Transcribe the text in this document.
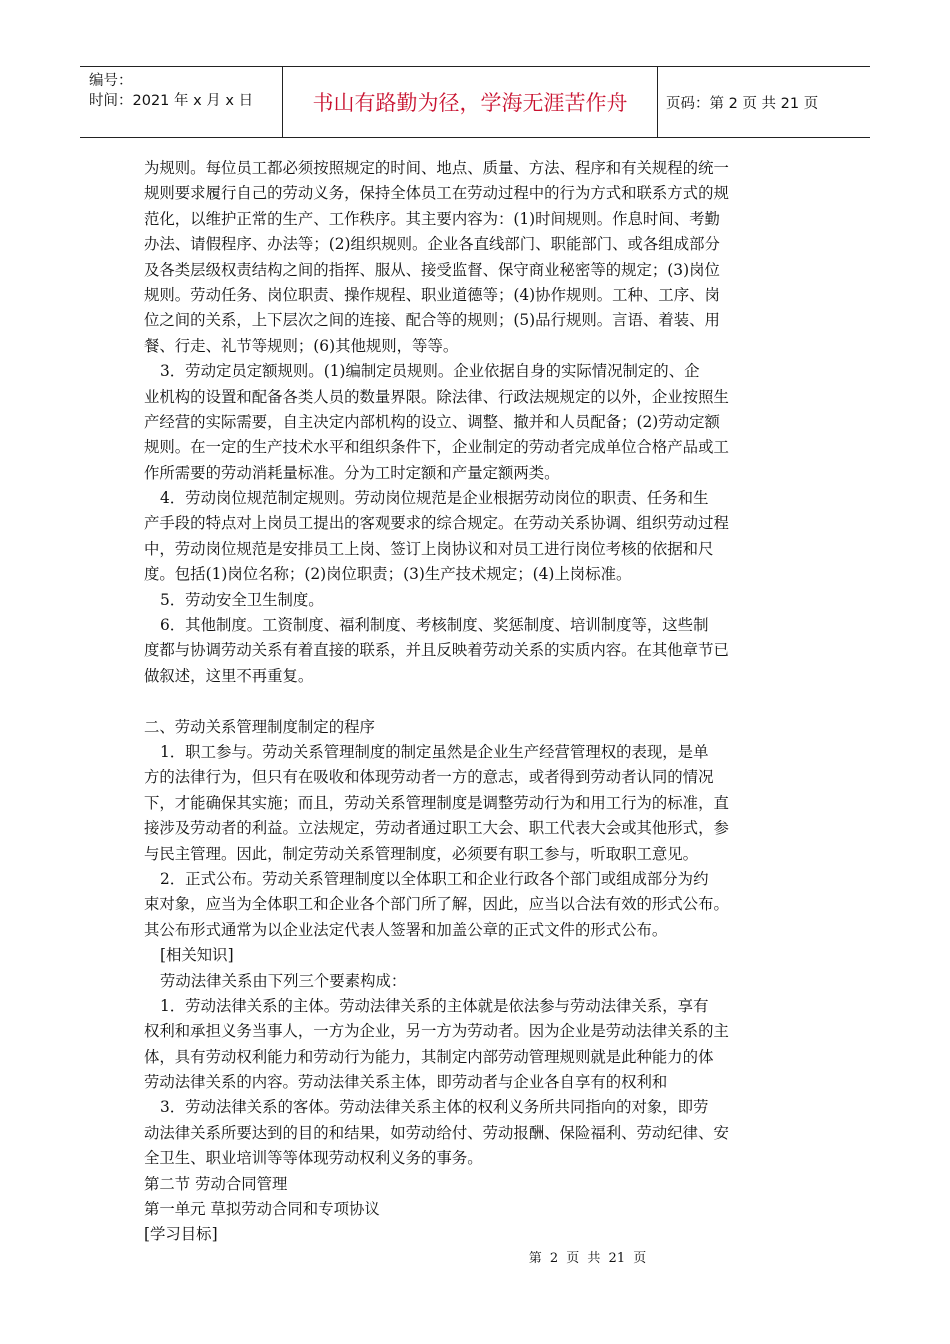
编号：
时间：2021 年 x 月 x 日	书山有路勤为径，学海无涯苦作舟	页码：第 2 页 共 21 页
为规则。每位员工都必须按照规定的时间、地点、质量、方法、程序和有关规程的统一
规则要求履行自己的劳动义务，保持全体员工在劳动过程中的行为方式和联系方式的规
范化，以维护正常的生产、工作秩序。其主要内容为：(1)时间规则。作息时间、考勤
办法、请假程序、办法等；(2)组织规则。企业各直线部门、职能部门、或各组成部分
及各类层级权责结构之间的指挥、服从、接受监督、保守商业秘密等的规定；(3)岗位
规则。劳动任务、岗位职责、操作规程、职业道德等；(4)协作规则。工种、工序、岗
位之间的关系，上下层次之间的连接、配合等的规则；(5)品行规则。言语、着装、用
餐、行走、礼节等规则；(6)其他规则，等等。
3．劳动定员定额规则。(1)编制定员规则。企业依据自身的实际情况制定的、企
业机构的设置和配备各类人员的数量界限。除法律、行政法规规定的以外，企业按照生
产经营的实际需要，自主决定内部机构的设立、调整、撤并和人员配备；(2)劳动定额
规则。在一定的生产技术水平和组织条件下，企业制定的劳动者完成单位合格产品或工
作所需要的劳动消耗量标准。分为工时定额和产量定额两类。
4．劳动岗位规范制定规则。劳动岗位规范是企业根据劳动岗位的职责、任务和生
产手段的特点对上岗员工提出的客观要求的综合规定。在劳动关系协调、组织劳动过程
中，劳动岗位规范是安排员工上岗、签订上岗协议和对员工进行岗位考核的依据和尺
度。包括(1)岗位名称；(2)岗位职责；(3)生产技术规定；(4)上岗标准。
5．劳动安全卫生制度。
6．其他制度。工资制度、福利制度、考核制度、奖惩制度、培训制度等，这些制
度都与协调劳动关系有着直接的联系，并且反映着劳动关系的实质内容。在其他章节已
做叙述，这里不再重复。
二、劳动关系管理制度制定的程序
1．职工参与。劳动关系管理制度的制定虽然是企业生产经营管理权的表现，是单
方的法律行为，但只有在吸收和体现劳动者一方的意志，或者得到劳动者认同的情况
下，才能确保其实施；而且，劳动关系管理制度是调整劳动行为和用工行为的标准，直
接涉及劳动者的利益。立法规定，劳动者通过职工大会、职工代表大会或其他形式，参
与民主管理。因此，制定劳动关系管理制度，必须要有职工参与，听取职工意见。
2．正式公布。劳动关系管理制度以全体职工和企业行政各个部门或组成部分为约
束对象，应当为全体职工和企业各个部门所了解，因此，应当以合法有效的形式公布。
其公布形式通常为以企业法定代表人签署和加盖公章的正式文件的形式公布。
[相关知识]
劳动法律关系由下列三个要素构成：
1．劳动法律关系的主体。劳动法律关系的主体就是依法参与劳动法律关系，享有
权利和承担义务当事人，一方为企业，另一方为劳动者。因为企业是劳动法律关系的主
体，具有劳动权利能力和劳动行为能力，其制定内部劳动管理规则就是此种能力的体
劳动法律关系的内容。劳动法律关系主体，即劳动者与企业各自享有的权利和
3．劳动法律关系的客体。劳动法律关系主体的权利义务所共同指向的对象，即劳
动法律关系所要达到的目的和结果，如劳动给付、劳动报酬、保险福利、劳动纪律、安
全卫生、职业培训等等体现劳动权利义务的事务。
第二节 劳动合同管理
第一单元 草拟劳动合同和专项协议
[学习目标]
第 2 页 共 21 页
